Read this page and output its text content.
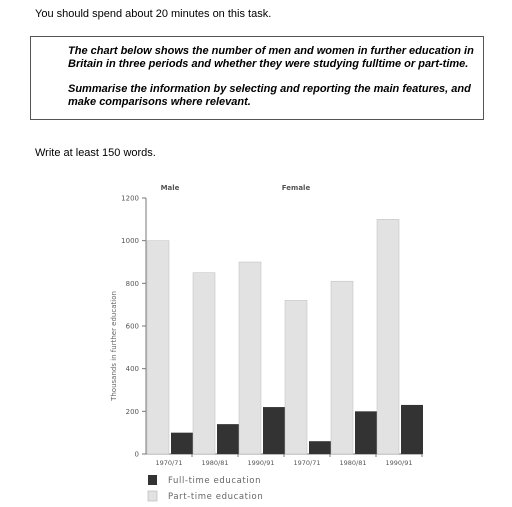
You should spend about 20 minutes on this task.

The chart below shows the number of men and women in further education in Britain in three periods and whether they were studying fulltime or part-time.

Summarise the information by selecting and reporting the main features, and make comparisons where relevant.

Write at least 150 words.
0
200
400
600
800
1000
1200
Thousands in further education
Male	Female
1970/71	1980/81	1990/91	1970/71	1980/81	1990/91
Full-time education
Part-time education
